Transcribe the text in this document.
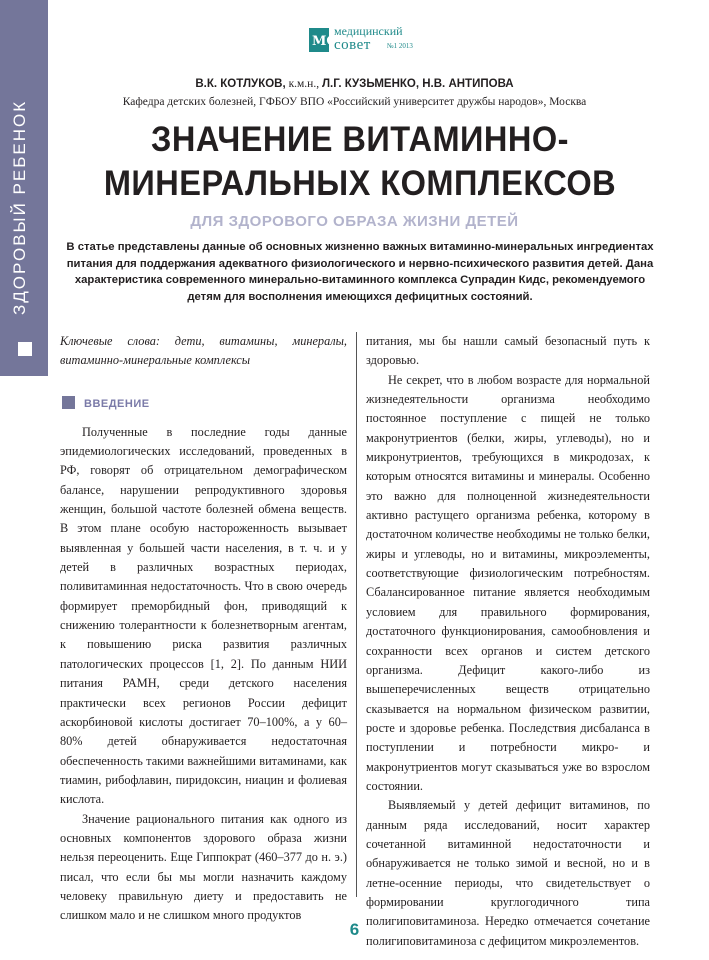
ЗДОРОВЫЙ РЕБЕНОК
MC
медицинский
совет №1 2013
В.К. КОТЛУКОВ, к.м.н., Л.Г. КУЗЬМЕНКО, Н.В. АНТИПОВА
Кафедра детских болезней, ГФБОУ ВПО «Российский университет дружбы народов», Москва
ЗНАЧЕНИЕ ВИТАМИННО-
МИНЕРАЛЬНЫХ КОМПЛЕКСОВ
ДЛЯ ЗДОРОВОГО ОБРАЗА ЖИЗНИ ДЕТЕЙ
В статье представлены данные об основных жизненно важных витаминно-минеральных ингредиентах питания для поддержания адекватного физиологического и нервно-психического развития детей. Дана характеристика современного минерально-витаминного комплекса Супрадин Кидс, рекомендуемого детям для восполнения имеющихся дефицитных состояний.

Ключевые слова: дети, витамины, минералы, витаминно-минеральные комплексы

ВВЕДЕНИЕ

Полученные в последние годы данные эпидемиологических исследований, проведенных в РФ, говорят об отрицательном демографическом балансе, нарушении репродуктивного здоровья женщин, большой частоте болезней обмена веществ. В этом плане особую настороженность вызывает выявленная у большей части населения, в т. ч. и у детей в различных возрастных периодах, поливитаминная недостаточность. Что в свою очередь формирует преморбидный фон, приводящий к снижению толерантности к болезнетворным агентам, к повышению риска развития различных патологических процессов [1, 2]. По данным НИИ питания РАМН, среди детского населения практически всех регионов России дефицит аскорбиновой кислоты достигает 70–100%, а у 60–80% детей обнаруживается недостаточная обеспеченность такими важнейшими витаминами, как тиамин, рибофлавин, пиридоксин, ниацин и фолиевая кислота.

Значение рационального питания как одного из основных компонентов здорового образа жизни нельзя переоценить. Еще Гиппократ (460–377 до н. э.) писал, что если бы мы могли назначить каждому человеку правильную диету и предоставить не слишком мало и не слишком много продуктов

питания, мы бы нашли самый безопасный путь к здоровью.

Не секрет, что в любом возрасте для нормальной жизнедеятельности организма необходимо постоянное поступление с пищей не только макронутриентов (белки, жиры, углеводы), но и микронутриентов, требующихся в микродозах, к которым относятся витамины и минералы. Особенно это важно для полноценной жизнедеятельности активно растущего организма ребенка, которому в достаточном количестве необходимы не только белки, жиры и углеводы, но и витамины, микроэлементы, соответствующие физиологическим потребностям. Сбалансированное питание является необходимым условием для правильного формирования, достаточного функционирования, самообновления и сохранности всех органов и систем детского организма. Дефицит какого-либо из вышеперечисленных веществ отрицательно сказывается на нормальном физическом развитии, росте и здоровье ребенка. Последствия дисбаланса в поступлении и потребности микро- и макронутриентов могут сказываться уже во взрослом состоянии.

Выявляемый у детей дефицит витаминов, по данным ряда исследований, носит характер сочетанной витаминной недостаточности и обнаруживается не только зимой и весной, но и в летне-осенние периоды, что свидетельствует о формировании круглогодичного типа полигиповитаминоза. Нередко отмечается сочетание полигиповитаминоза с дефицитом микроэлементов.

6
